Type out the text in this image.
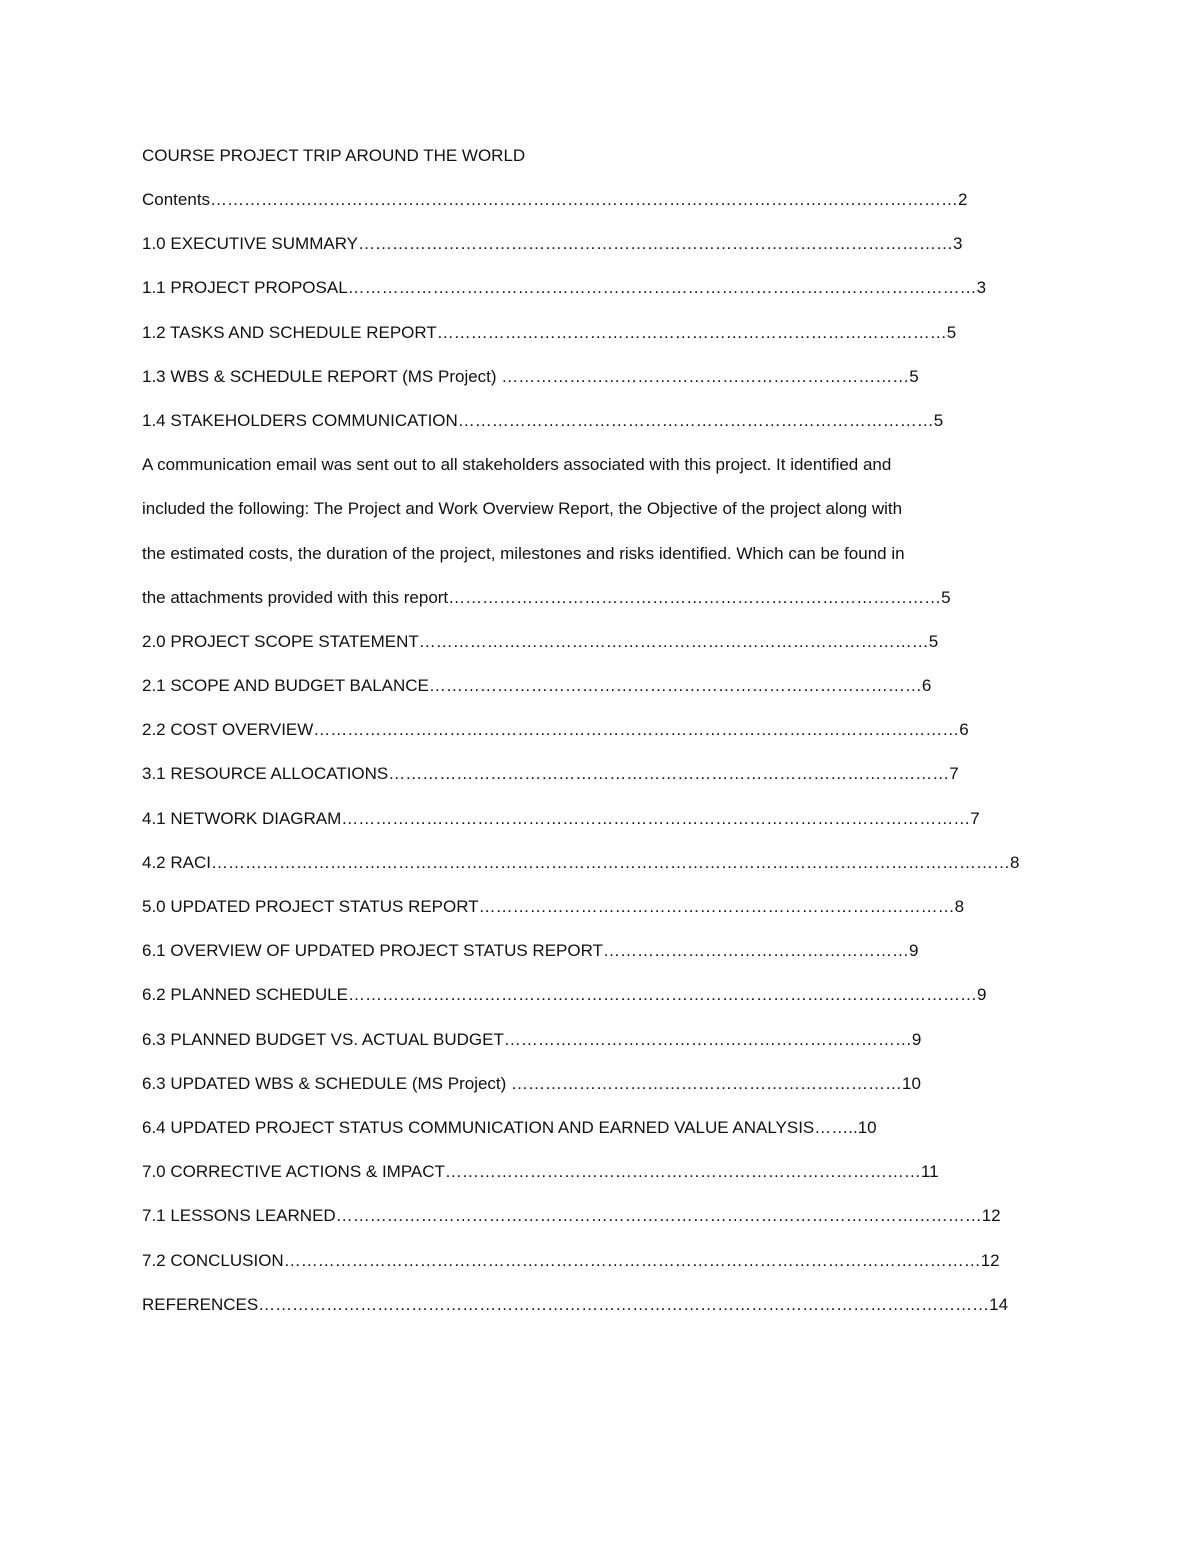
COURSE PROJECT TRIP AROUND THE WORLD
Contents……………………………………………………………………………………………………………………2
1.0 EXECUTIVE SUMMARY……………………………………………………………………………………………3
1.1 PROJECT PROPOSAL…………………………………………………………………………………………………3
1.2 TASKS AND SCHEDULE REPORT………………………………………………………………………………5
1.3 WBS & SCHEDULE REPORT (MS Project) ………………………………………………………………5
1.4 STAKEHOLDERS COMMUNICATION…………………………………………………………………………5
A communication email was sent out to all stakeholders associated with this project. It identified and
included the following: The Project and Work Overview Report, the Objective of the project along with
the estimated costs, the duration of the project, milestones and risks identified. Which can be found in
the attachments provided with this report……………………………………………………………………………5
2.0 PROJECT SCOPE STATEMENT………………………………………………………………………………5
2.1 SCOPE AND BUDGET BALANCE……………………………………………………………………………6
2.2 COST OVERVIEW……………………………………………………………………………………………………6
3.1 RESOURCE ALLOCATIONS………………………………………………………………………………………7
4.1 NETWORK DIAGRAM…………………………………………………………………………………………………7
4.2 RACI……………………………………………………………………………………………………………………………8
5.0 UPDATED PROJECT STATUS REPORT…………………………………………………………………………8
6.1 OVERVIEW OF UPDATED PROJECT STATUS REPORT………………………………………………9
6.2 PLANNED SCHEDULE…………………………………………………………………………………………………9
6.3 PLANNED BUDGET VS. ACTUAL BUDGET………………………………………………………………9
6.3 UPDATED WBS & SCHEDULE (MS Project) ……………………………………………………………10
6.4 UPDATED PROJECT STATUS COMMUNICATION AND EARNED VALUE ANALYSIS……..10
7.0 CORRECTIVE ACTIONS & IMPACT…………………………………………………………………………11
7.1 LESSONS LEARNED……………………………………………………………………………………………………12
7.2 CONCLUSION……………………………………………………………………………………………………………12
REFERENCES…………………………………………………………………………………………………………………14
